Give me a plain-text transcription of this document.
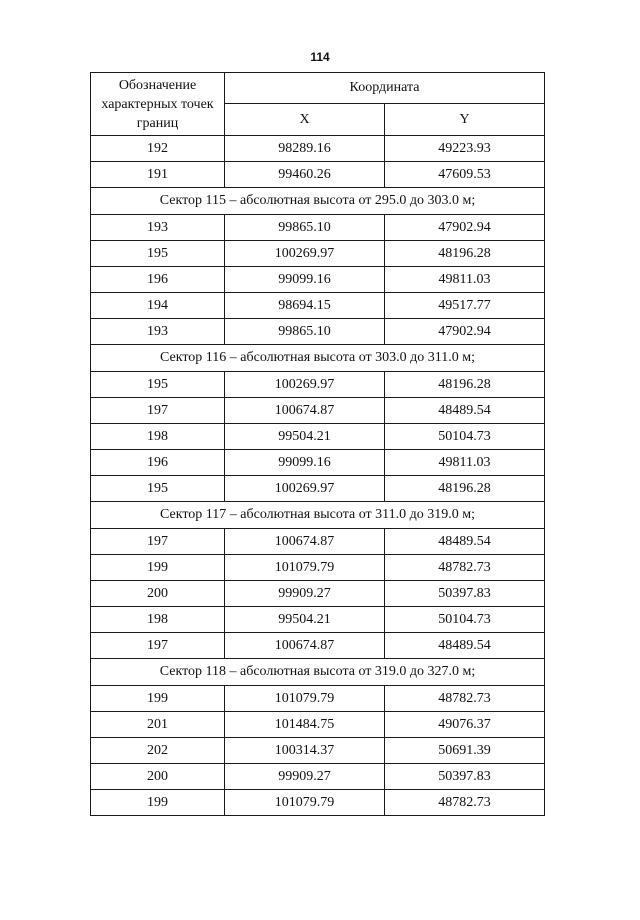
114
Обозначение характерных точек границ	Координата	
	X	Y
192	98289.16	49223.93
191	99460.26	47609.53
Сектор 115 – абсолютная высота от 295.0 до 303.0 м;		
193	99865.10	47902.94
195	100269.97	48196.28
196	99099.16	49811.03
194	98694.15	49517.77
193	99865.10	47902.94
Сектор 116 – абсолютная высота от 303.0 до 311.0 м;		
195	100269.97	48196.28
197	100674.87	48489.54
198	99504.21	50104.73
196	99099.16	49811.03
195	100269.97	48196.28
Сектор 117 – абсолютная высота от 311.0 до 319.0 м;		
197	100674.87	48489.54
199	101079.79	48782.73
200	99909.27	50397.83
198	99504.21	50104.73
197	100674.87	48489.54
Сектор 118 – абсолютная высота от 319.0 до 327.0 м;		
199	101079.79	48782.73
201	101484.75	49076.37
202	100314.37	50691.39
200	99909.27	50397.83
199	101079.79	48782.73
